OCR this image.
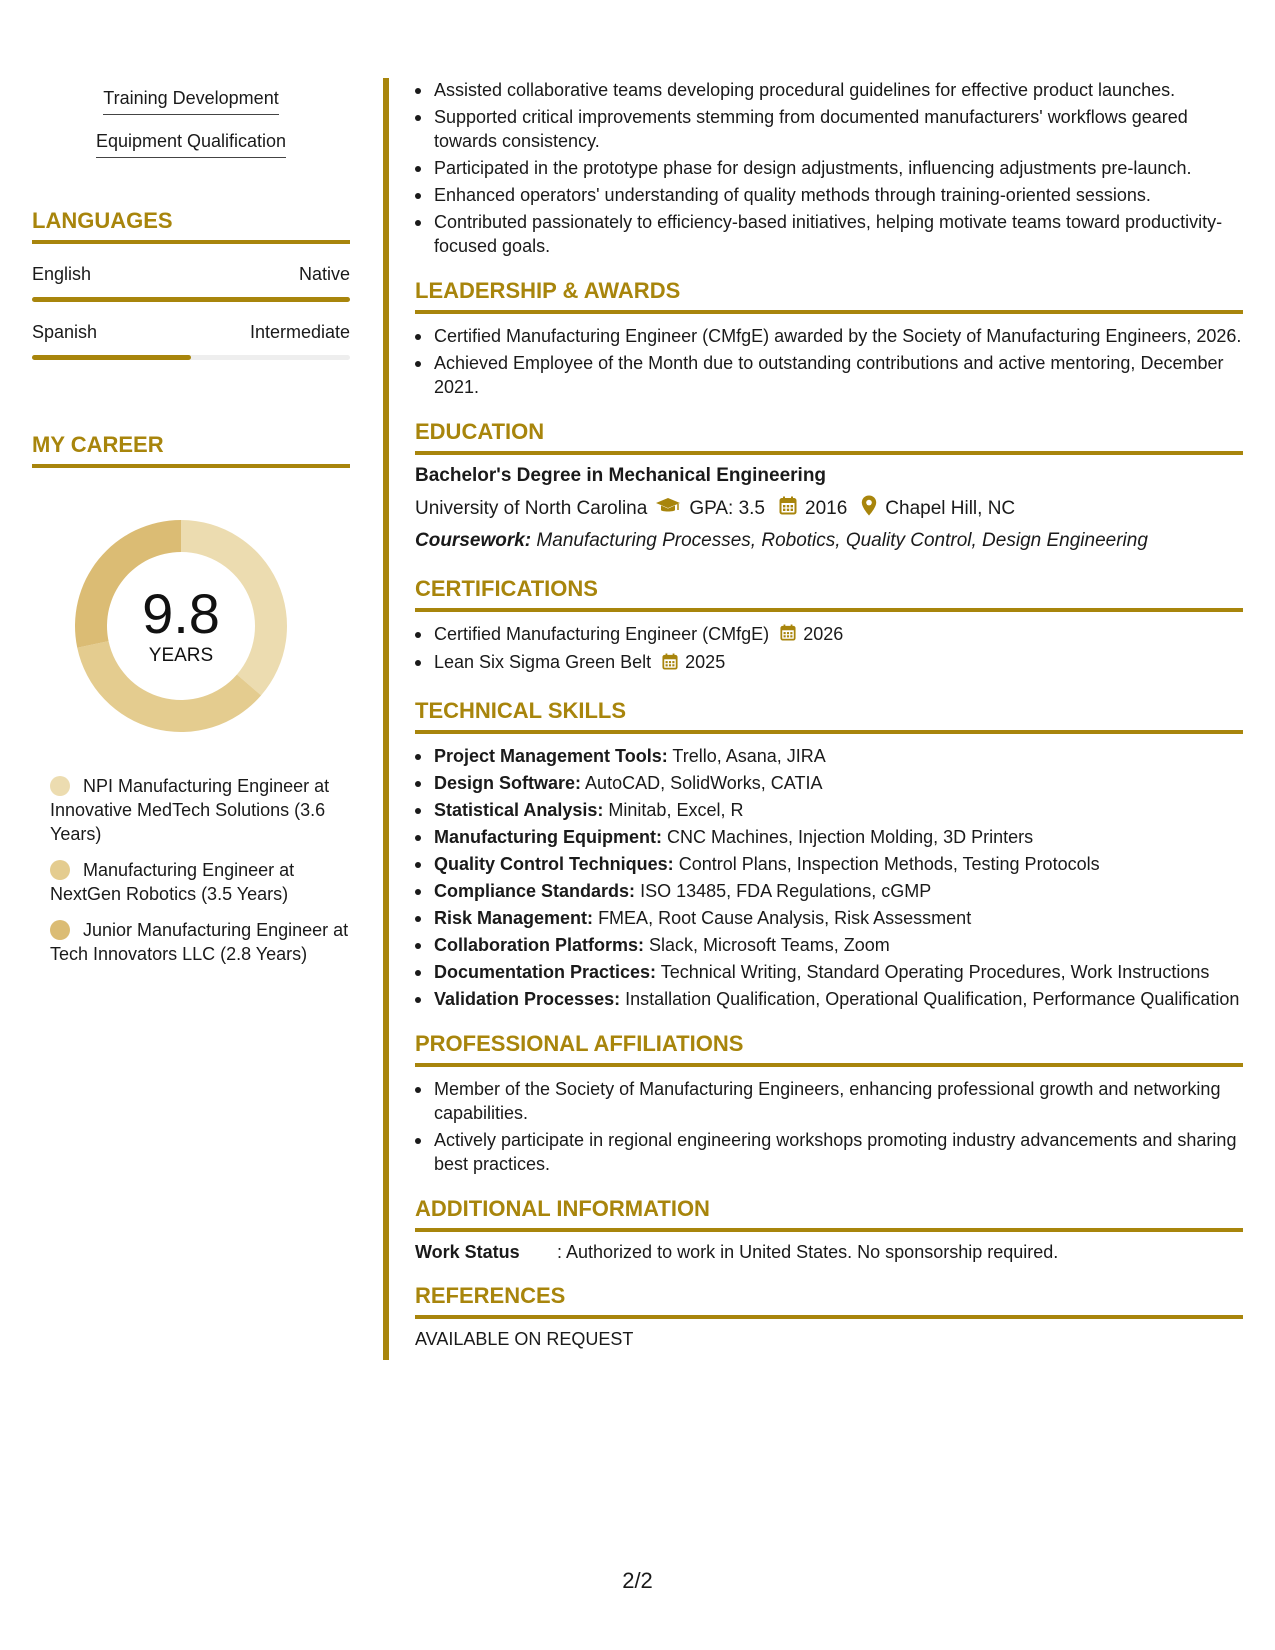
Training Development
Equipment Qualification
LANGUAGES
English	Native
Spanish	Intermediate
MY CAREER
9.8
YEARS
NPI Manufacturing Engineer at Innovative MedTech Solutions (3.6 Years)
Manufacturing Engineer at NextGen Robotics (3.5 Years)
Junior Manufacturing Engineer at Tech Innovators LLC (2.8 Years)
Assisted collaborative teams developing procedural guidelines for effective product launches.
Supported critical improvements stemming from documented manufacturers' workflows geared towards consistency.
Participated in the prototype phase for design adjustments, influencing adjustments pre-launch.
Enhanced operators' understanding of quality methods through training-oriented sessions.
Contributed passionately to efficiency-based initiatives, helping motivate teams toward productivity-focused goals.
LEADERSHIP & AWARDS
Certified Manufacturing Engineer (CMfgE) awarded by the Society of Manufacturing Engineers, 2026.
Achieved Employee of the Month due to outstanding contributions and active mentoring, December 2021.
EDUCATION
Bachelor's Degree in Mechanical Engineering
University of North Carolina GPA: 3.5 2016 Chapel Hill, NC
Coursework: Manufacturing Processes, Robotics, Quality Control, Design Engineering
CERTIFICATIONS
Certified Manufacturing Engineer (CMfgE) 2026
Lean Six Sigma Green Belt 2025
TECHNICAL SKILLS
Project Management Tools: Trello, Asana, JIRA
Design Software: AutoCAD, SolidWorks, CATIA
Statistical Analysis: Minitab, Excel, R
Manufacturing Equipment: CNC Machines, Injection Molding, 3D Printers
Quality Control Techniques: Control Plans, Inspection Methods, Testing Protocols
Compliance Standards: ISO 13485, FDA Regulations, cGMP
Risk Management: FMEA, Root Cause Analysis, Risk Assessment
Collaboration Platforms: Slack, Microsoft Teams, Zoom
Documentation Practices: Technical Writing, Standard Operating Procedures, Work Instructions
Validation Processes: Installation Qualification, Operational Qualification, Performance Qualification
PROFESSIONAL AFFILIATIONS
Member of the Society of Manufacturing Engineers, enhancing professional growth and networking capabilities.
Actively participate in regional engineering workshops promoting industry advancements and sharing best practices.
ADDITIONAL INFORMATION
Work Status	: Authorized to work in United States. No sponsorship required.
REFERENCES
AVAILABLE ON REQUEST
2/2
